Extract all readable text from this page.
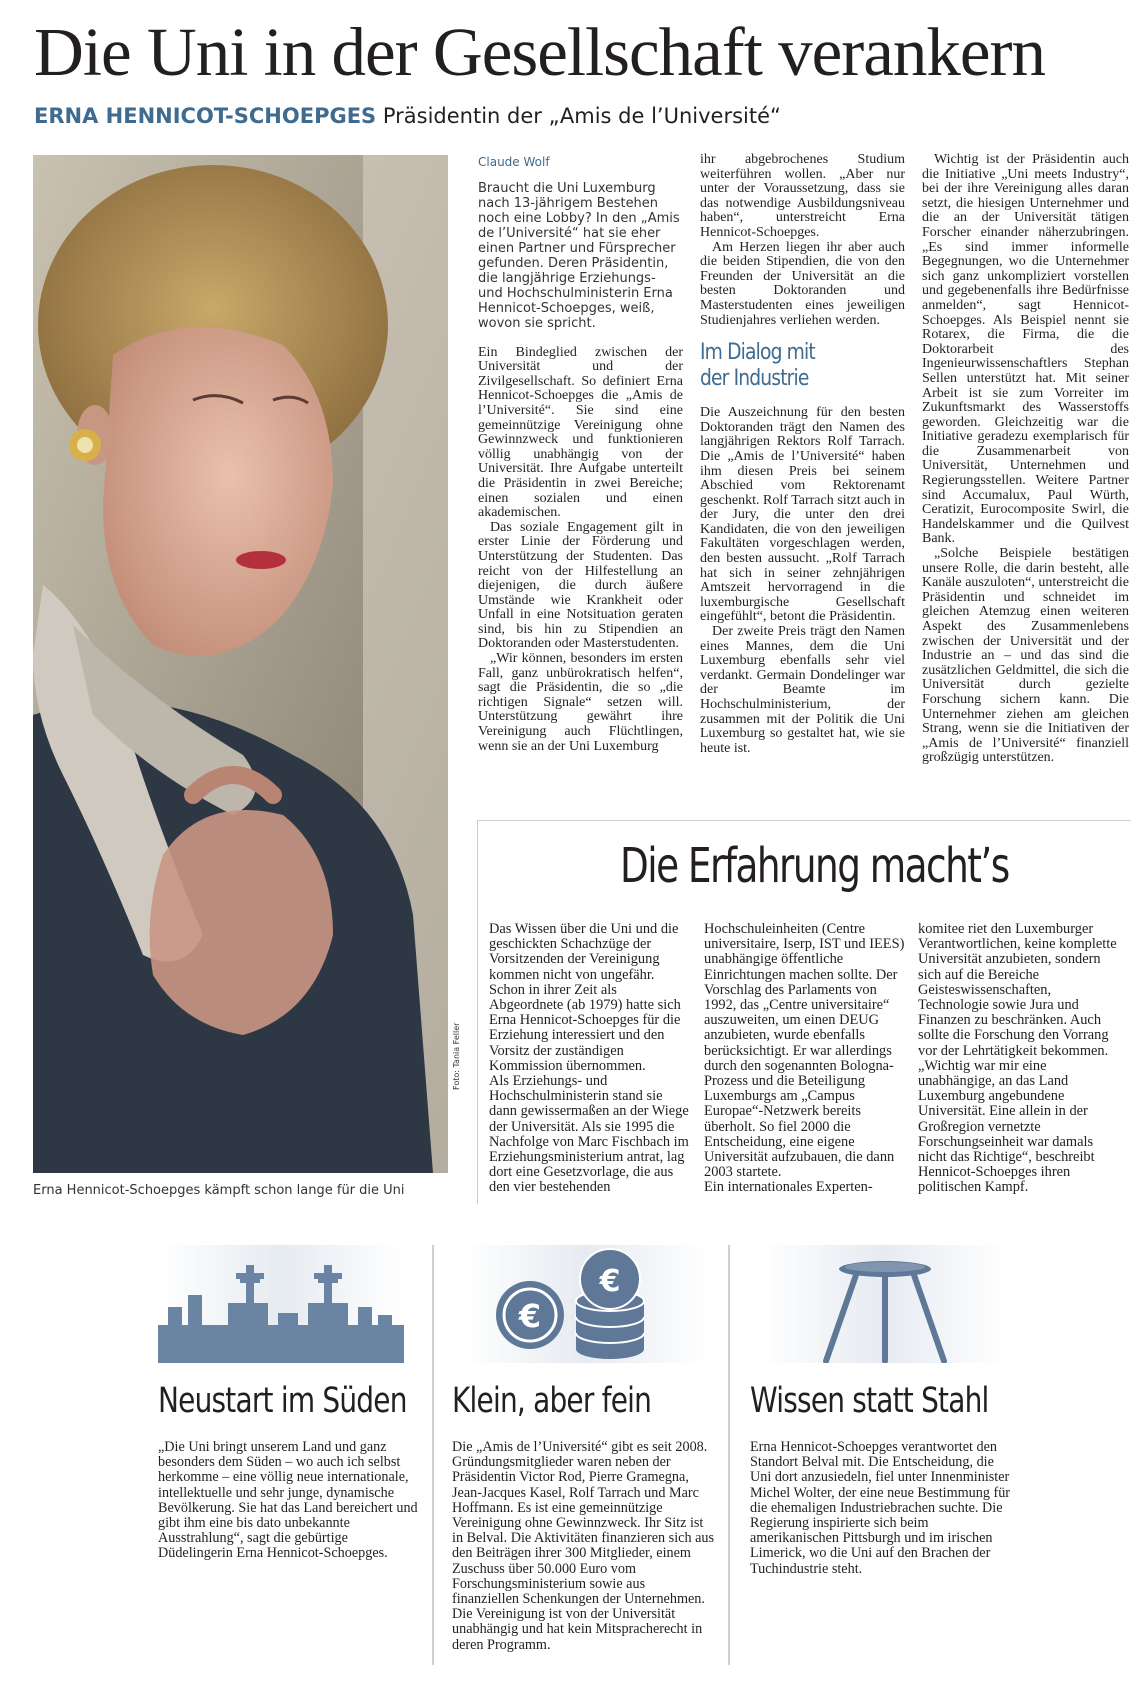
Die Uni in der Gesellschaft verankern
ERNA HENNICOT-SCHOEPGES Präsidentin der „Amis de l’Université“
Foto: Tania Feller
Erna Hennicot-Schoepges kämpft schon lange für die Uni
Claude Wolf
Braucht die Uni Luxemburg nach 13-jährigem Bestehen noch eine Lobby? In den „Amis de l’Université“ hat sie eher einen Partner und Fürsprecher gefunden. Deren Präsidentin, die langjährige Erziehungs- und Hochschulministerin Erna Hennicot-Schoepges, weiß, wovon sie spricht.

Ein Bindeglied zwischen der Universität und der Zivilgesellschaft. So definiert Erna Hennicot-Schoepges die „Amis de l’Université“. Sie sind eine gemeinnützige Vereinigung ohne Gewinnzweck und funktionieren völlig unabhängig von der Universität. Ihre Aufgabe unterteilt die Präsidentin in zwei Bereiche; einen sozialen und einen akademischen.

Das soziale Engagement gilt in erster Linie der Förderung und Unterstützung der Studenten. Das reicht von der Hilfestellung an diejenigen, die durch äußere Umstände wie Krankheit oder Unfall in eine Notsituation geraten sind, bis hin zu Stipendien an Doktoranden oder Masterstudenten.

„Wir können, besonders im ersten Fall, ganz unbürokratisch helfen“, sagt die Präsidentin, die so „die richtigen Signale“ setzen will. Unterstützung gewährt ihre Vereinigung auch Flüchtlingen, wenn sie an der Uni Luxemburg

ihr abgebrochenes Studium weiterführen wollen. „Aber nur unter der Voraussetzung, dass sie das notwendige Ausbildungsniveau haben“, unterstreicht Erna Hennicot-Schoepges.

Am Herzen liegen ihr aber auch die beiden Stipendien, die von den Freunden der Universität an die besten Doktoranden und Masterstudenten eines jeweiligen Studienjahres verliehen werden.

Im Dialog mit
der Industrie

Die Auszeichnung für den besten Doktoranden trägt den Namen des langjährigen Rektors Rolf Tarrach. Die „Amis de l’Université“ haben ihm diesen Preis bei seinem Abschied vom Rektorenamt geschenkt. Rolf Tarrach sitzt auch in der Jury, die unter den drei Kandidaten, die von den jeweiligen Fakultäten vorgeschlagen werden, den besten aussucht. „Rolf Tarrach hat sich in seiner zehnjährigen Amtszeit hervorragend in die luxemburgische Gesellschaft eingefühlt“, betont die Präsidentin.

Der zweite Preis trägt den Namen eines Mannes, dem die Uni Luxemburg ebenfalls sehr viel verdankt. Germain Dondelinger war der Beamte im Hochschulministerium, der zusammen mit der Politik die Uni Luxemburg so gestaltet hat, wie sie heute ist.

Wichtig ist der Präsidentin auch die Initiative „Uni meets Industry“, bei der ihre Vereinigung alles daran setzt, die hiesigen Unternehmer und die an der Universität tätigen Forscher einander näherzubringen. „Es sind immer informelle Begegnungen, wo die Unternehmer sich ganz unkompliziert vorstellen und gegebenenfalls ihre Bedürfnisse anmelden“, sagt Hennicot-Schoepges. Als Beispiel nennt sie Rotarex, die Firma, die die Doktorarbeit des Ingenieurwissenschaftlers Stephan Sellen unterstützt hat. Mit seiner Arbeit ist sie zum Vorreiter im Zukunftsmarkt des Wasserstoffs geworden. Gleichzeitig war die Initiative geradezu exemplarisch für die Zusammenarbeit von Universität, Unternehmen und Regierungsstellen. Weitere Partner sind Accumalux, Paul Würth, Ceratizit, Eurocomposite Swirl, die Handelskammer und die Quilvest Bank.

„Solche Beispiele bestätigen unsere Rolle, die darin besteht, alle Kanäle auszuloten“, unterstreicht die Präsidentin und schneidet im gleichen Atemzug einen weiteren Aspekt des Zusammenlebens zwischen der Universität und der Industrie an – und das sind die zusätzlichen Geldmittel, die sich die Universität durch gezielte Forschung sichern kann. Die Unternehmer ziehen am gleichen Strang, wenn sie die Initiativen der „Amis de l’Université“ finanziell großzügig unterstützen.

Die Erfahrung macht’s

Das Wissen über die Uni und die geschickten Schachzüge der Vorsitzenden der Vereinigung kommen nicht von ungefähr. Schon in ihrer Zeit als Abgeordnete (ab 1979) hatte sich Erna Hennicot-Schoepges für die Erziehung interessiert und den Vorsitz der zuständigen Kommission übernommen.

Als Erziehungs- und Hochschulministerin stand sie dann gewissermaßen an der Wiege der Universität. Als sie 1995 die Nachfolge von Marc Fischbach im Erziehungsministerium antrat, lag dort eine Gesetzvorlage, die aus den vier bestehenden

Hochschuleinheiten (Centre universitaire, Iserp, IST und IEES) unabhängige öffentliche Einrichtungen machen sollte. Der Vorschlag des Parlaments von 1992, das „Centre universitaire“ auszuweiten, um einen DEUG anzubieten, wurde ebenfalls berücksichtigt. Er war allerdings durch den sogenannten Bologna-Prozess und die Beteiligung Luxemburgs am „Campus Europae“-Netzwerk bereits überholt. So fiel 2000 die Entscheidung, eine eigene Universität aufzubauen, die dann 2003 startete.

Ein internationales Experten-

komitee riet den Luxemburger Verantwortlichen, keine komplette Universität anzubieten, sondern sich auf die Bereiche Geisteswissenschaften, Technologie sowie Jura und Finanzen zu beschränken. Auch sollte die Forschung den Vorrang vor der Lehrtätigkeit bekommen.

„Wichtig war mir eine unabhängige, an das Land Luxemburg angebundene Universität. Eine allein in der Großregion vernetzte Forschungseinheit war damals nicht das Richtige“, beschreibt Hennicot-Schoepges ihren politischen Kampf.

Neustart im Süden

„Die Uni bringt unserem Land und ganz besonders dem Süden – wo auch ich selbst herkomme – eine völlig neue internationale, intellektuelle und sehr junge, dynamische Bevölkerung. Sie hat das Land bereichert und gibt ihm eine bis dato unbekannte Ausstrahlung“, sagt die gebürtige Düdelingerin Erna Hennicot-Schoepges.

€
€
Klein, aber fein

Die „Amis de l’Université“ gibt es seit 2008. Gründungsmitglieder waren neben der Präsidentin Victor Rod, Pierre Gramegna, Jean-Jacques Kasel, Rolf Tarrach und Marc Hoffmann. Es ist eine gemeinnützige Vereinigung ohne Gewinnzweck. Ihr Sitz ist in Belval. Die Aktivitäten finanzieren sich aus den Beiträgen ihrer 300 Mitglieder, einem Zuschuss über 50.000 Euro vom Forschungsministerium sowie aus finanziellen Schenkungen der Unternehmen. Die Vereinigung ist von der Universität unabhängig und hat kein Mitspracherecht in deren Programm.

Wissen statt Stahl

Erna Hennicot-Schoepges verantwortet den Standort Belval mit. Die Entscheidung, die Uni dort anzusiedeln, fiel unter Innenminister Michel Wolter, der eine neue Bestimmung für die ehemaligen Industriebrachen suchte. Die Regierung inspirierte sich beim amerikanischen Pittsburgh und im irischen Limerick, wo die Uni auf den Brachen der Tuchindustrie steht.
